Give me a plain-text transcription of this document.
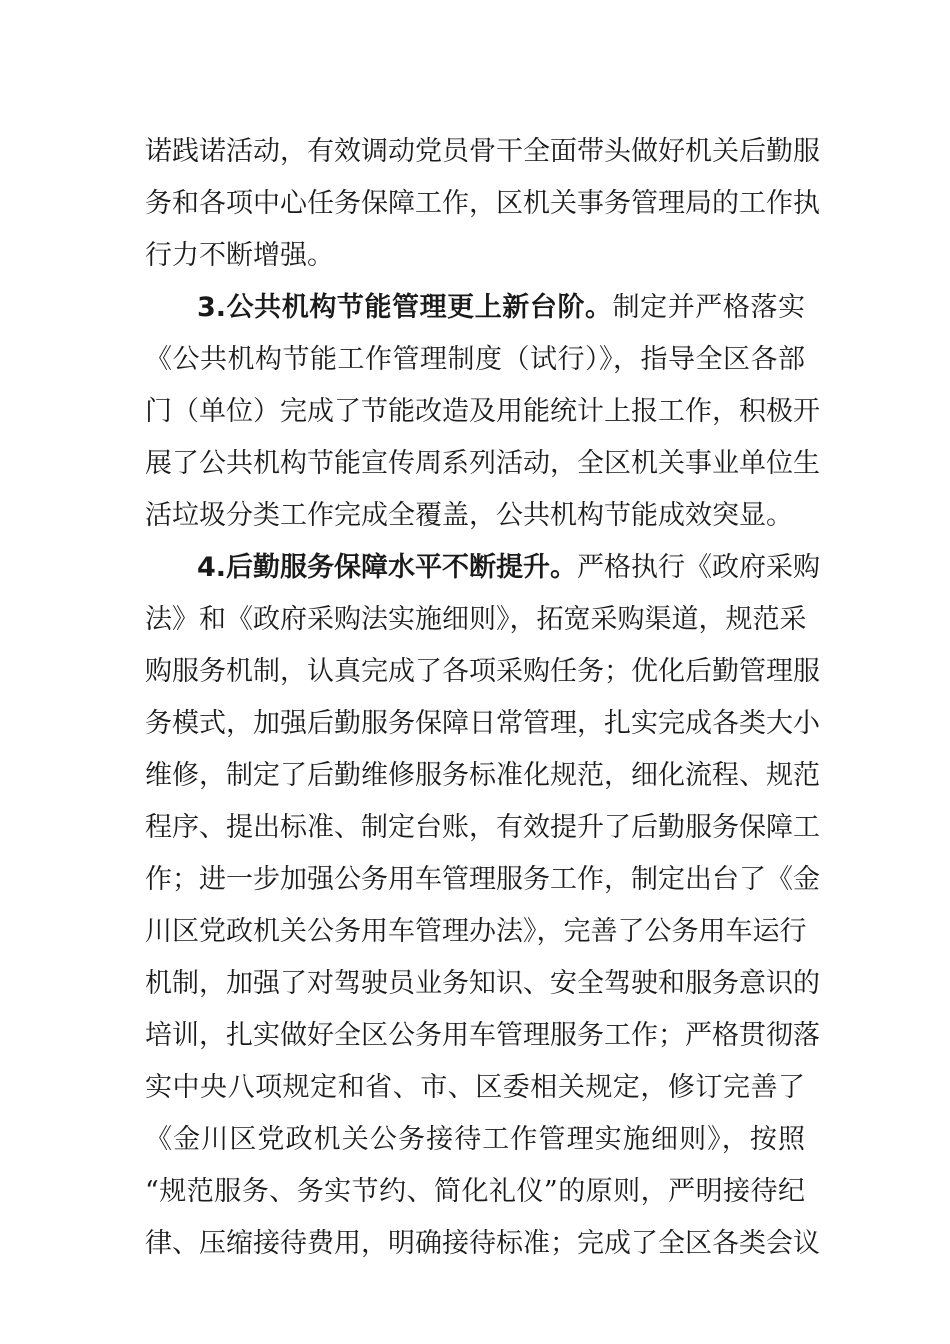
诺践诺活动，有效调动党员骨干全面带头做好机关后勤服
务和各项中心任务保障工作，区机关事务管理局的工作执
行力不断增强。
3.公共机构节能管理更上新台阶。制定并严格落实
《公共机构节能工作管理制度（试行）》，指导全区各部
门（单位）完成了节能改造及用能统计上报工作，积极开
展了公共机构节能宣传周系列活动，全区机关事业单位生
活垃圾分类工作完成全覆盖，公共机构节能成效突显。
4.后勤服务保障水平不断提升。严格执行《政府采购
法》和《政府采购法实施细则》，拓宽采购渠道，规范采
购服务机制，认真完成了各项采购任务；优化后勤管理服
务模式，加强后勤服务保障日常管理，扎实完成各类大小
维修，制定了后勤维修服务标准化规范，细化流程、规范
程序、提出标准、制定台账，有效提升了后勤服务保障工
作；进一步加强公务用车管理服务工作，制定出台了《金
川区党政机关公务用车管理办法》，完善了公务用车运行
机制，加强了对驾驶员业务知识、安全驾驶和服务意识的
培训，扎实做好全区公务用车管理服务工作；严格贯彻落
实中央八项规定和省、市、区委相关规定，修订完善了
《金川区党政机关公务接待工作管理实施细则》，按照
“规范服务、务实节约、简化礼仪”的原则，严明接待纪
律、压缩接待费用，明确接待标准；完成了全区各类会议
